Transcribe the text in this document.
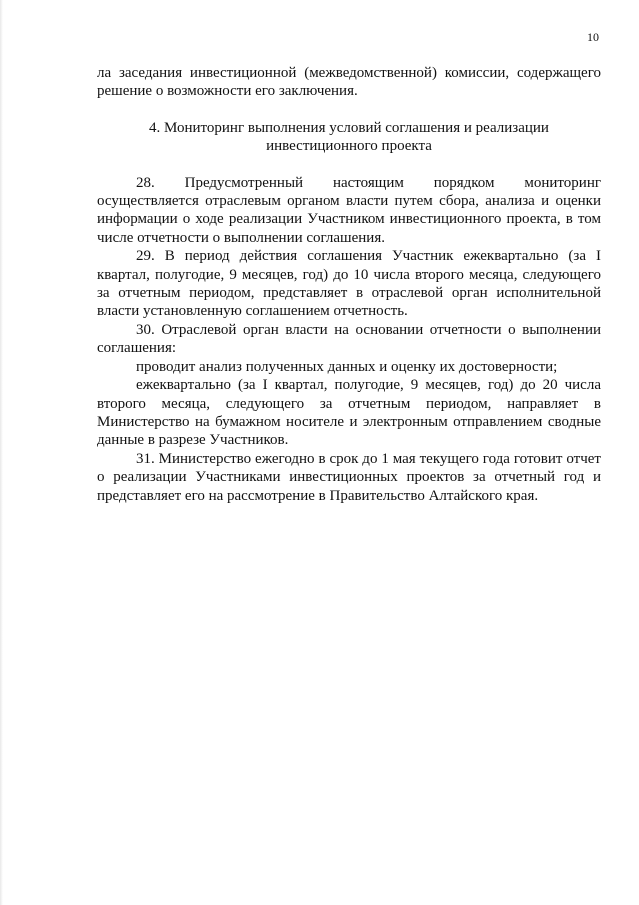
10

ла заседания инвестиционной (межведомственной) комиссии, содержащего решение о возможности его заключения.

4. Мониторинг выполнения условий соглашения и реализации инвестиционного проекта

28. Предусмотренный настоящим порядком мониторинг осуществляется отраслевым органом власти путем сбора, анализа и оценки информации о ходе реализации Участником инвестиционного проекта, в том числе отчетности о выполнении соглашения.

29. В период действия соглашения Участник ежеквартально (за I квартал, полугодие, 9 месяцев, год) до 10 числа второго месяца, следующего за отчетным периодом, представляет в отраслевой орган исполнительной власти установленную соглашением отчетность.

30. Отраслевой орган власти на основании отчетности о выполнении соглашения:

проводит анализ полученных данных и оценку их достоверности;

ежеквартально (за I квартал, полугодие, 9 месяцев, год) до 20 числа второго месяца, следующего за отчетным периодом, направляет в Министерство на бумажном носителе и электронным отправлением сводные данные в разрезе Участников.

31. Министерство ежегодно в срок до 1 мая текущего года готовит отчет о реализации Участниками инвестиционных проектов за отчетный год и представляет его на рассмотрение в Правительство Алтайского края.
